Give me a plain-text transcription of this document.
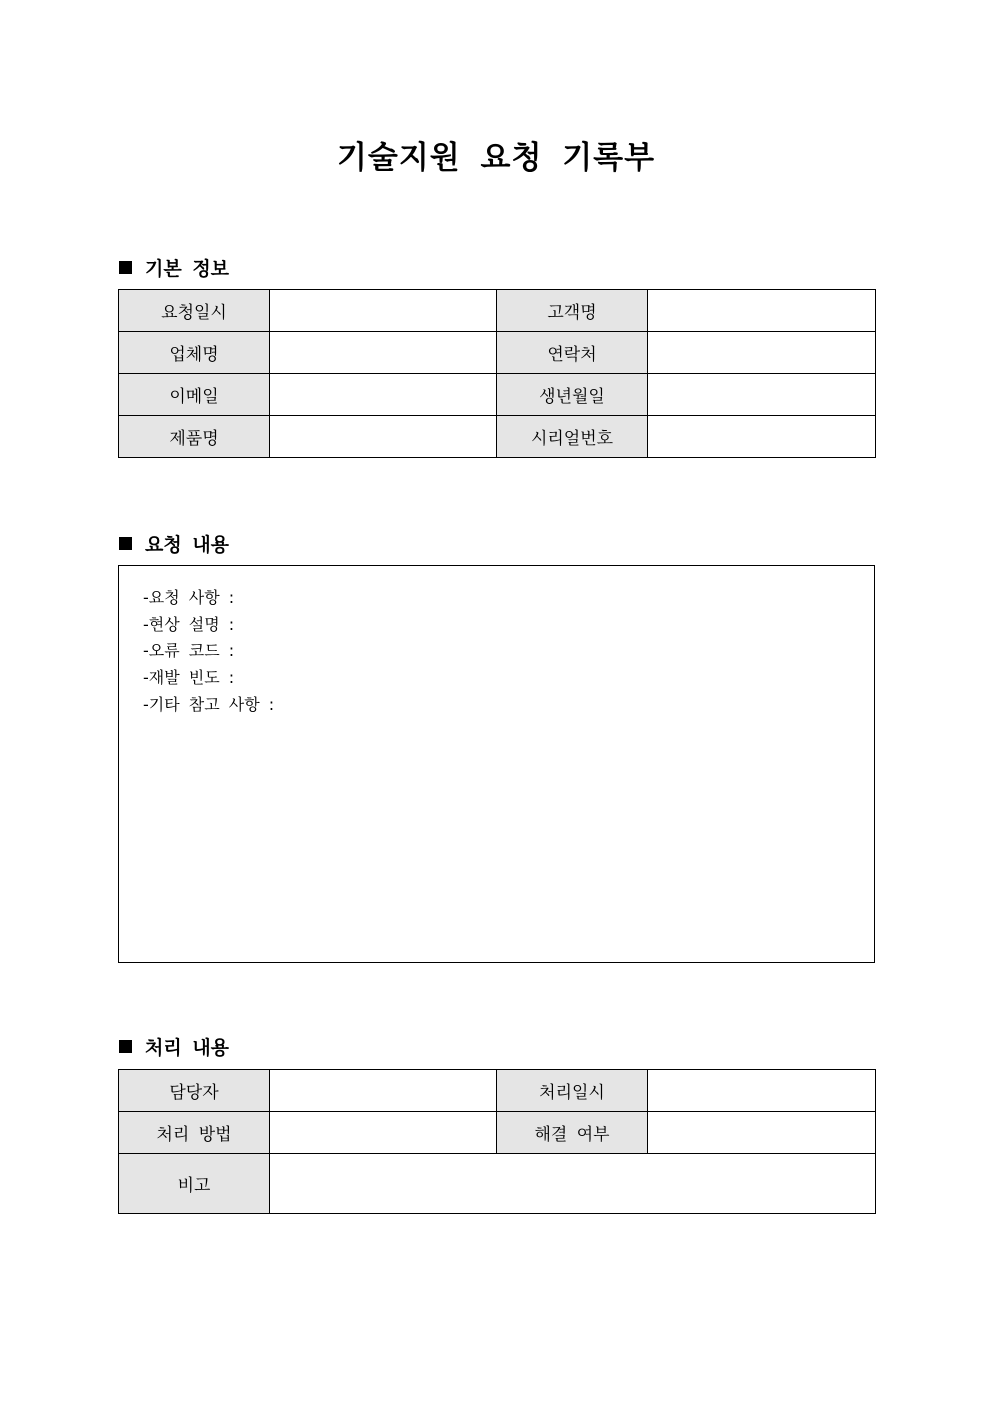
기술지원 요청 기록부
기본 정보
요청일시		고객명	
업체명		연락처	
이메일		생년월일	
제품명		시리얼번호	
요청 내용
-요청 사항 :
-현상 설명 :
-오류 코드 :
-재발 빈도 :
-기타 참고 사항 :
처리 내용
담당자		처리일시	
처리 방법		해결 여부	
비고			
